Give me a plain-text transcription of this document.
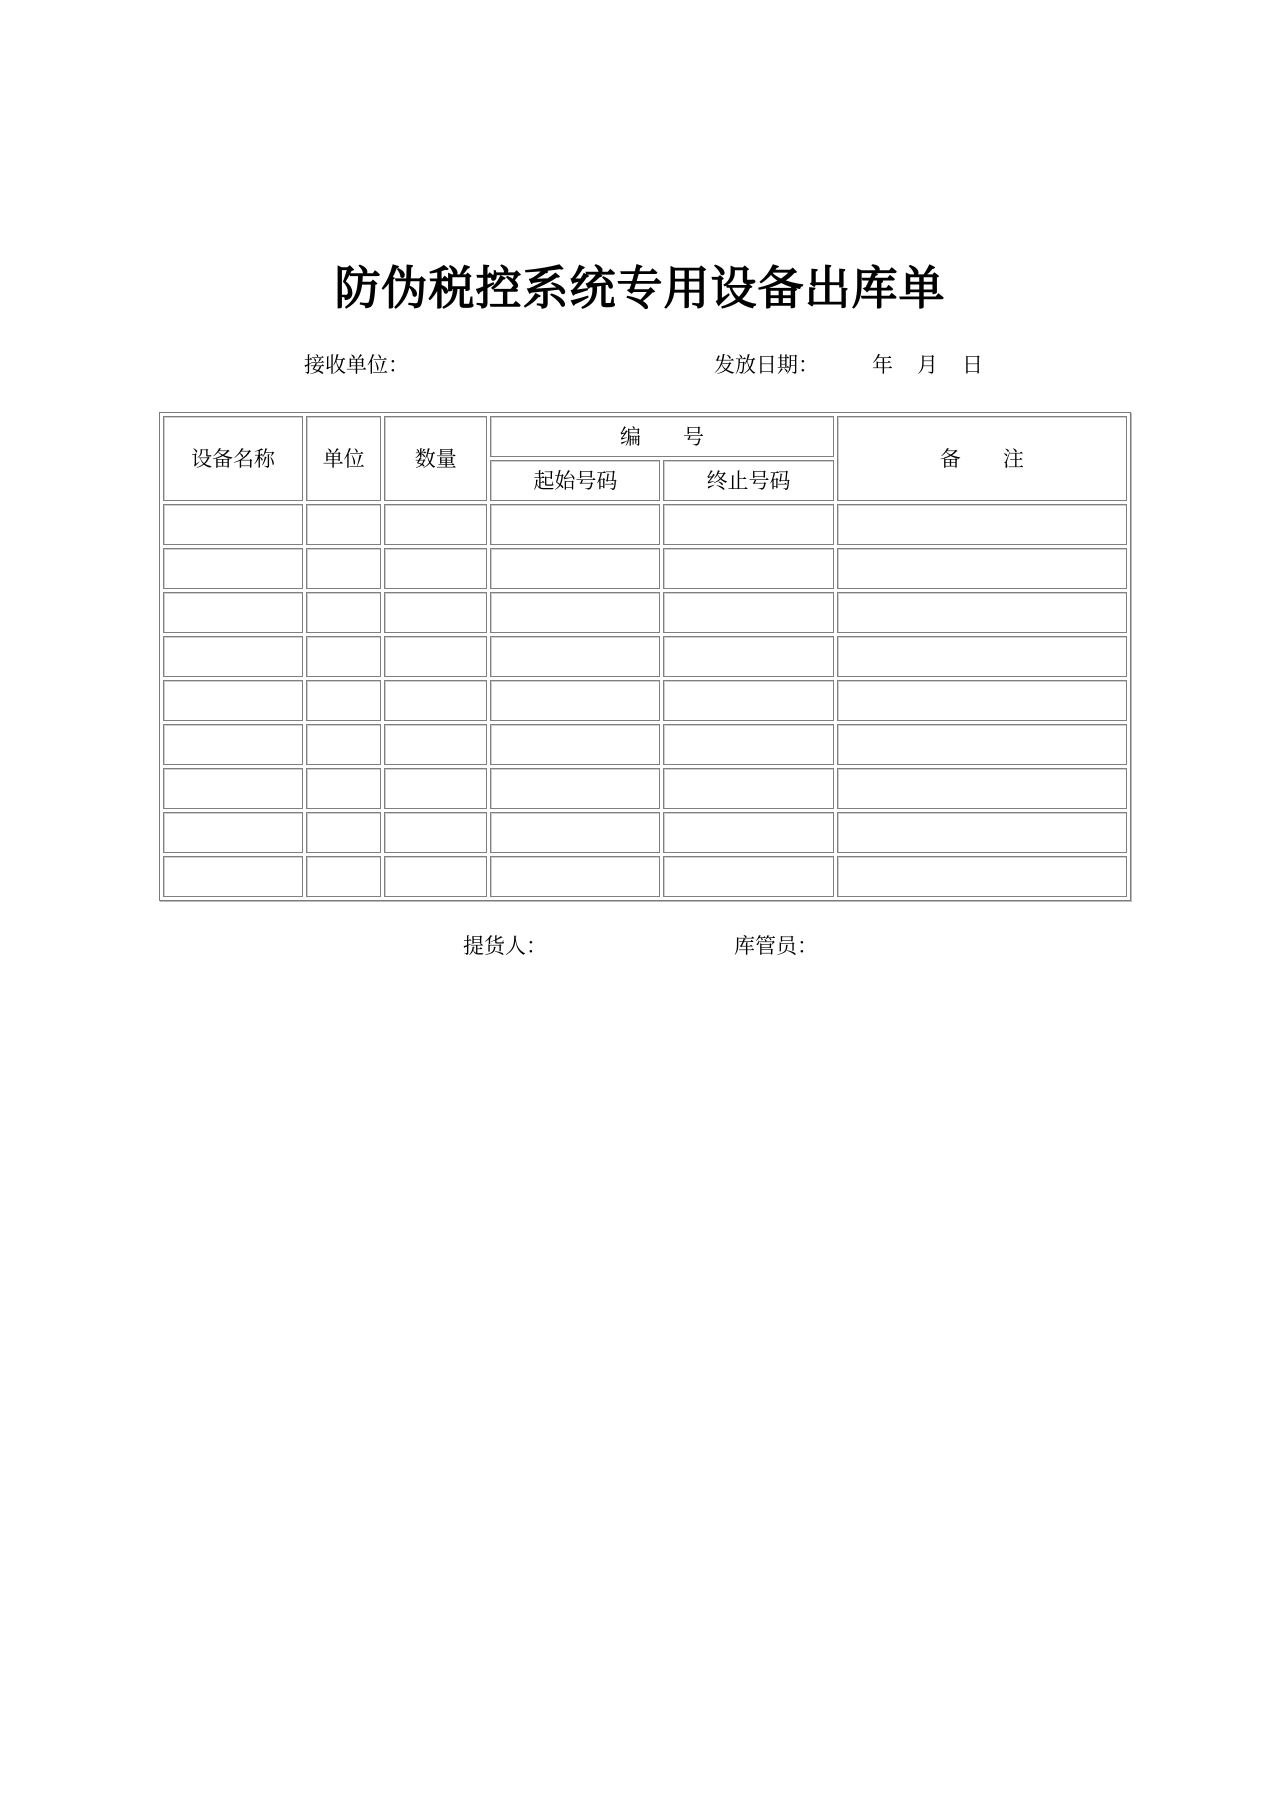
防伪税控系统专用设备出库单
接收单位：	发放日期：	年 月 日
设备名称	单位	数量	编　　号		备　　注
			起始号码	终止号码	

提货人：	库管员：
